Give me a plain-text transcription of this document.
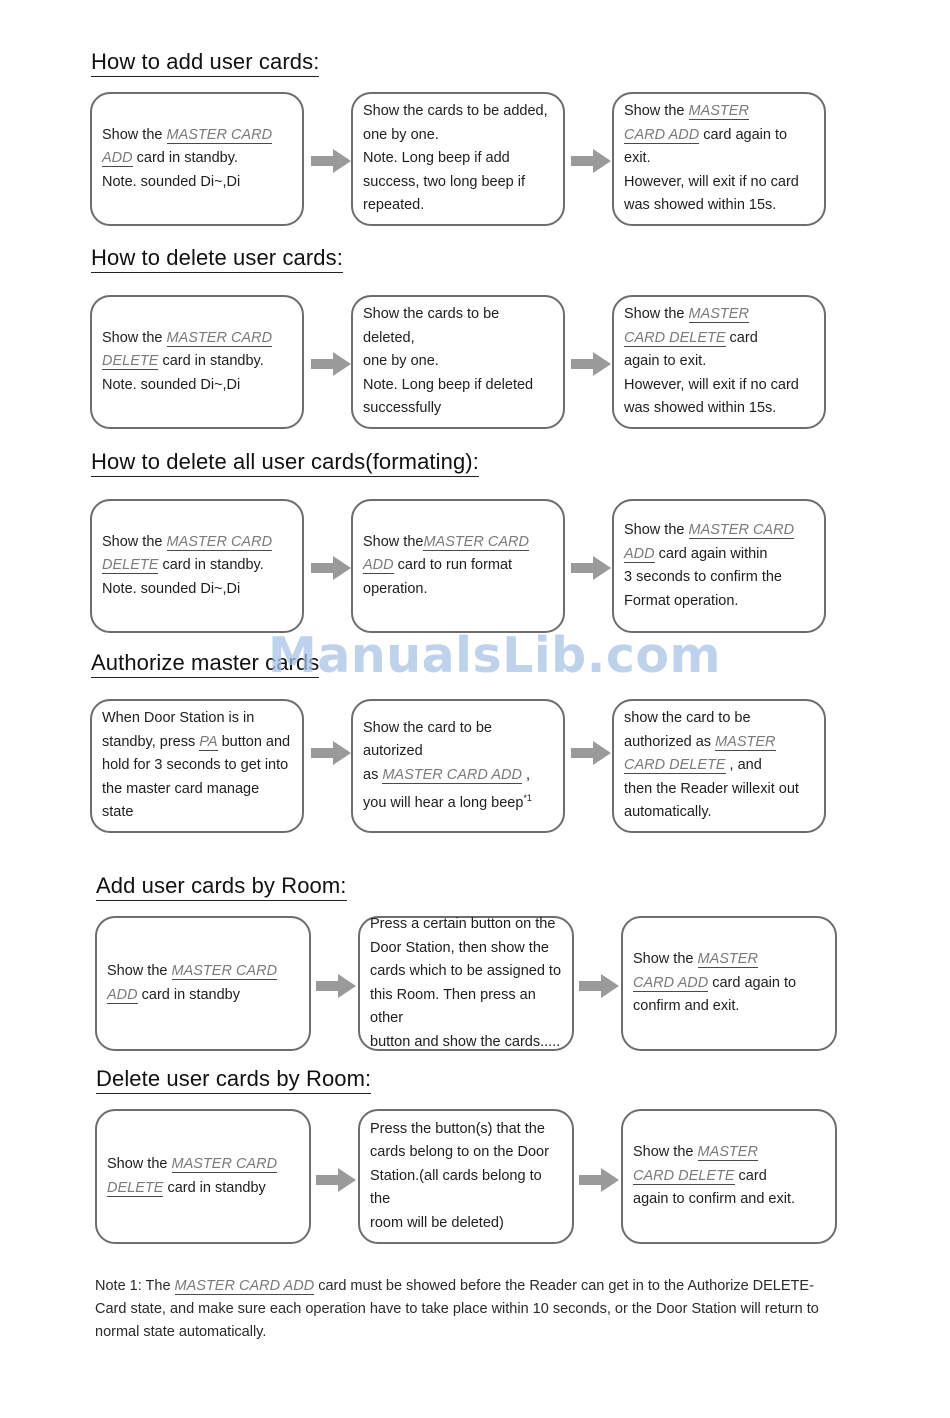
How to add user cards:

Show the MASTER CARD
ADD card in standby.
Note. sounded Di~,Di

Show the cards to be added,
one by one.
Note. Long beep if add
success, two long beep if
repeated.

Show the MASTER
CARD ADD card again to
exit.
However, will exit if no card
was showed within 15s.

How to delete user cards:

Show the MASTER CARD
DELETE card in standby.
Note. sounded Di~,Di

Show the cards to be deleted,
one by one.
Note. Long beep if deleted
successfully

Show the MASTER
CARD DELETE card
again to exit.
However, will exit if no card
was showed within 15s.

How to delete all user cards(formating):

Show the MASTER CARD
DELETE card in standby.
Note. sounded Di~,Di

Show theMASTER CARD
ADD card to run format
operation.

Show the MASTER CARD
ADD card again within
3 seconds to confirm the
Format operation.

Authorize master cards

When Door Station is in
standby, press PA button and
hold for 3 seconds to get into
the master card manage state

Show the card to be autorized
as MASTER CARD ADD ,
you will hear a long beep$^{*1}$

show the card to be
authorized as MASTER
CARD DELETE , and
then the Reader willexit out
automatically.

Add user cards by Room:

Show the MASTER CARD
ADD card in standby

Press a certain button on the
Door Station, then show the
cards which to be assigned to
this Room. Then press an other
button and show the cards.....

Show the MASTER
CARD ADD card again to
confirm and exit.

Delete user cards by Room:

Show the MASTER CARD
DELETE card in standby

Press the button(s) that the
cards belong to on the Door
Station.(all cards belong to the
room will be deleted)

Show the MASTER
CARD DELETE card
again to confirm and exit.

Note 1: The MASTER CARD ADD card must be showed before the Reader can get in to the Authorize DELETE-Card state, and make sure each operation have to take place within 10 seconds, or the Door Station will return to normal state automatically.

ManualsLib.com
